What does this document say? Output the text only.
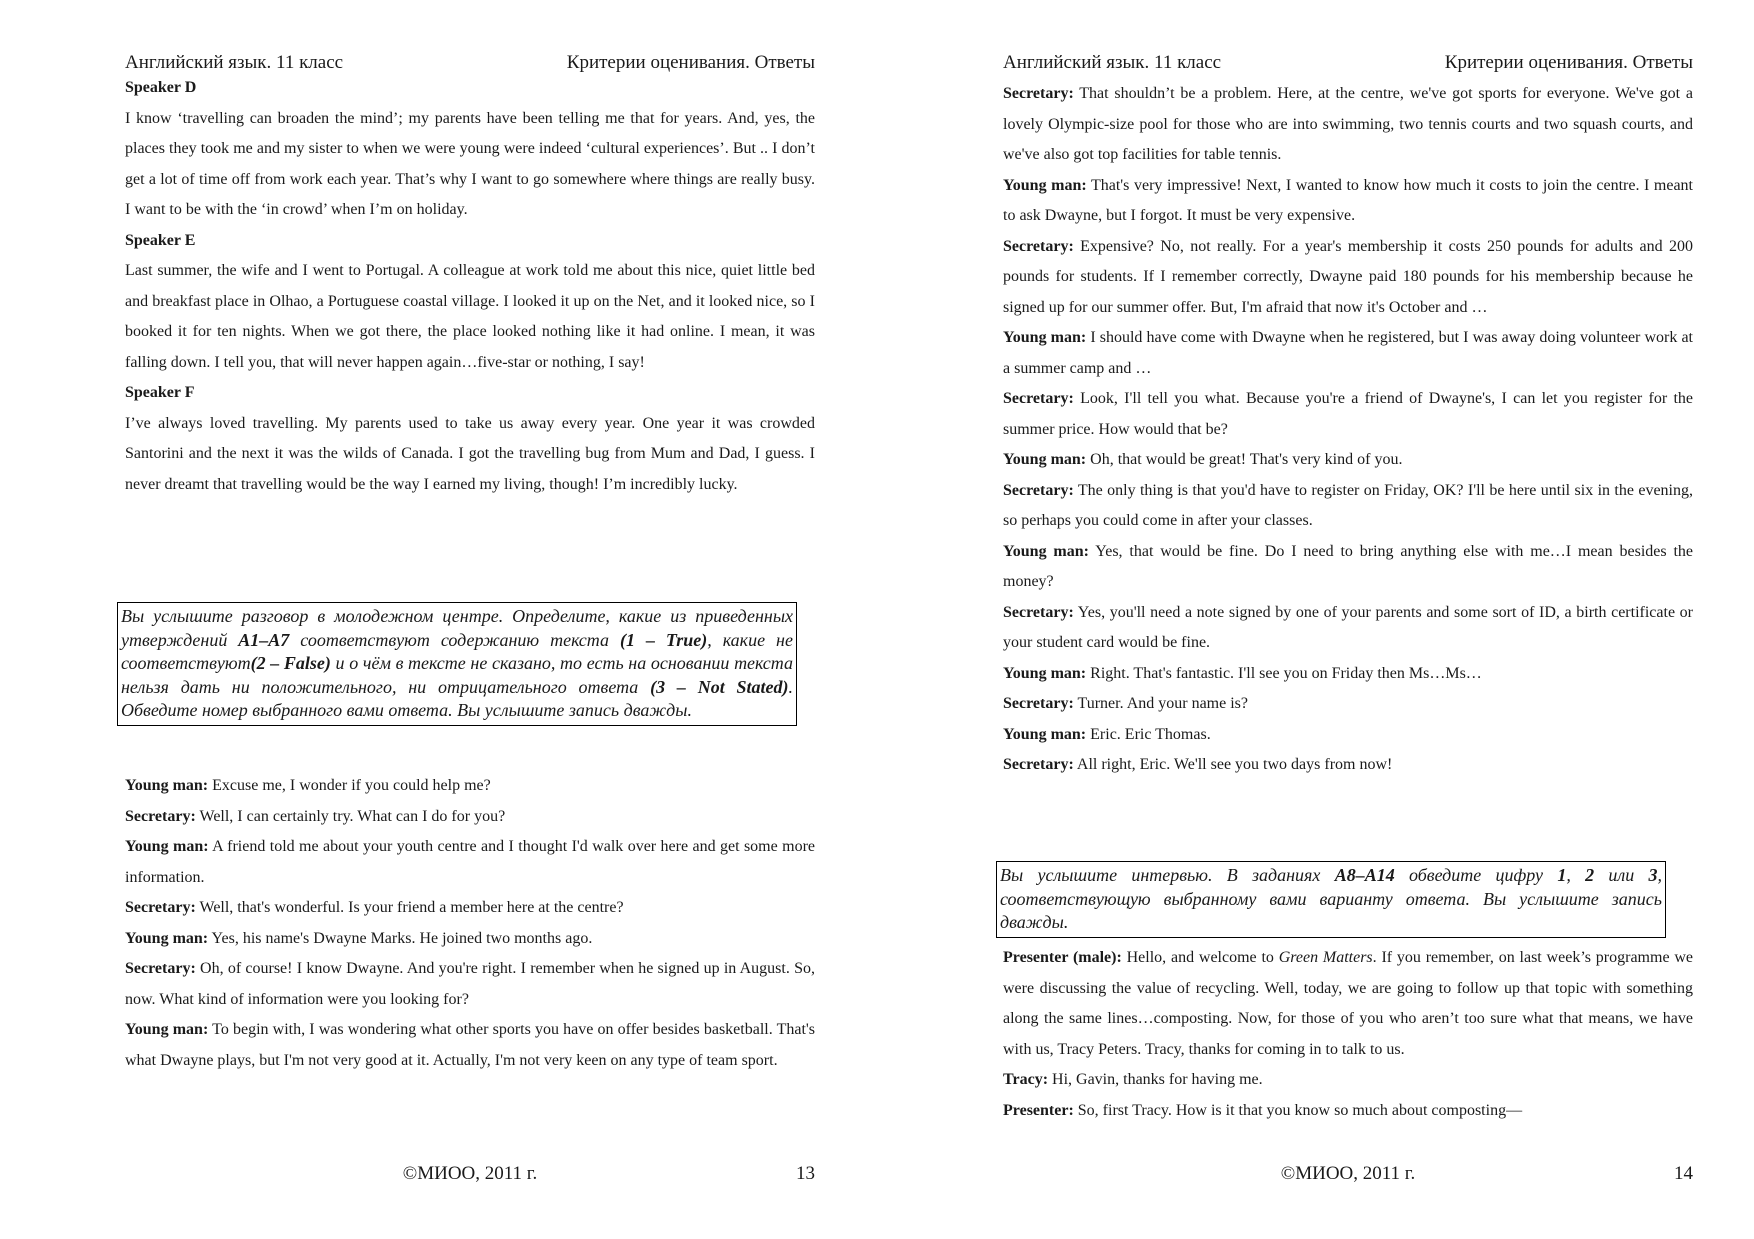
Английский язык. 11 класс	Критерии оценивания. Ответы

Speaker D

I know ‘travelling can broaden the mind’; my parents have been telling me that for years. And, yes, the places they took me and my sister to when we were young were indeed ‘cultural experiences’. But .. I don’t get a lot of time off from work each year. That’s why I want to go somewhere where things are really busy. I want to be with the ‘in crowd’ when I’m on holiday.

Speaker E

Last summer, the wife and I went to Portugal. A colleague at work told me about this nice, quiet little bed and breakfast place in Olhao, a Portuguese coastal village. I looked it up on the Net, and it looked nice, so I booked it for ten nights. When we got there, the place looked nothing like it had online. I mean, it was falling down. I tell you, that will never happen again…five-star or nothing, I say!

Speaker F

I’ve always loved travelling. My parents used to take us away every year. One year it was crowded Santorini and the next it was the wilds of Canada. I got the travelling bug from Mum and Dad, I guess. I never dreamt that travelling would be the way I earned my living, though! I’m incredibly lucky.

Вы услышите разговор в молодежном центре. Определите, какие из приведенных утверждений А1–А7 соответствуют содержанию текста (1 – True), какие не соответствуют(2 – False) и о чём в тексте не сказано, то есть на основании текста нельзя дать ни положительного, ни отрицательного ответа (3 – Not Stated). Обведите номер выбранного вами ответа. Вы услышите запись дважды.

Young man: Excuse me, I wonder if you could help me?

Secretary: Well, I can certainly try. What can I do for you?

Young man: A friend told me about your youth centre and I thought I'd walk over here and get some more information.

Secretary: Well, that's wonderful. Is your friend a member here at the centre?

Young man: Yes, his name's Dwayne Marks. He joined two months ago.

Secretary: Oh, of course! I know Dwayne. And you're right. I remember when he signed up in August. So, now. What kind of information were you looking for?

Young man: To begin with, I was wondering what other sports you have on offer besides basketball. That's what Dwayne plays, but I'm not very good at it. Actually, I'm not very keen on any type of team sport.

©МИОО, 2011 г.	13
Английский язык. 11 класс	Критерии оценивания. Ответы

Secretary: That shouldn’t be a problem. Here, at the centre, we've got sports for everyone. We've got a lovely Olympic-size pool for those who are into swimming, two tennis courts and two squash courts, and we've also got top facilities for table tennis.

Young man: That's very impressive! Next, I wanted to know how much it costs to join the centre. I meant to ask Dwayne, but I forgot. It must be very expensive.

Secretary: Expensive? No, not really. For a year's membership it costs 250 pounds for adults and 200 pounds for students. If I remember correctly, Dwayne paid 180 pounds for his membership because he signed up for our summer offer. But, I'm afraid that now it's October and …

Young man: I should have come with Dwayne when he registered, but I was away doing volunteer work at a summer camp and …

Secretary: Look, I'll tell you what. Because you're a friend of Dwayne's, I can let you register for the summer price. How would that be?

Young man: Oh, that would be great! That's very kind of you.

Secretary: The only thing is that you'd have to register on Friday, OK? I'll be here until six in the evening, so perhaps you could come in after your classes.

Young man: Yes, that would be fine. Do I need to bring anything else with me…I mean besides the money?

Secretary: Yes, you'll need a note signed by one of your parents and some sort of ID, a birth certificate or your student card would be fine.

Young man: Right. That's fantastic. I'll see you on Friday then Ms…Ms…

Secretary: Turner. And your name is?

Young man: Eric. Eric Thomas.

Secretary: All right, Eric. We'll see you two days from now!

Вы услышите интервью. В заданиях А8–А14 обведите цифру 1, 2 или 3, соответствующую выбранному вами варианту ответа. Вы услышите запись дважды.

Presenter (male): Hello, and welcome to Green Matters. If you remember, on last week’s programme we were discussing the value of recycling. Well, today, we are going to follow up that topic with something along the same lines…composting. Now, for those of you who aren’t too sure what that means, we have with us, Tracy Peters. Tracy, thanks for coming in to talk to us.

Tracy: Hi, Gavin, thanks for having me.

Presenter: So, first Tracy. How is it that you know so much about composting—

©МИОО, 2011 г.	14
